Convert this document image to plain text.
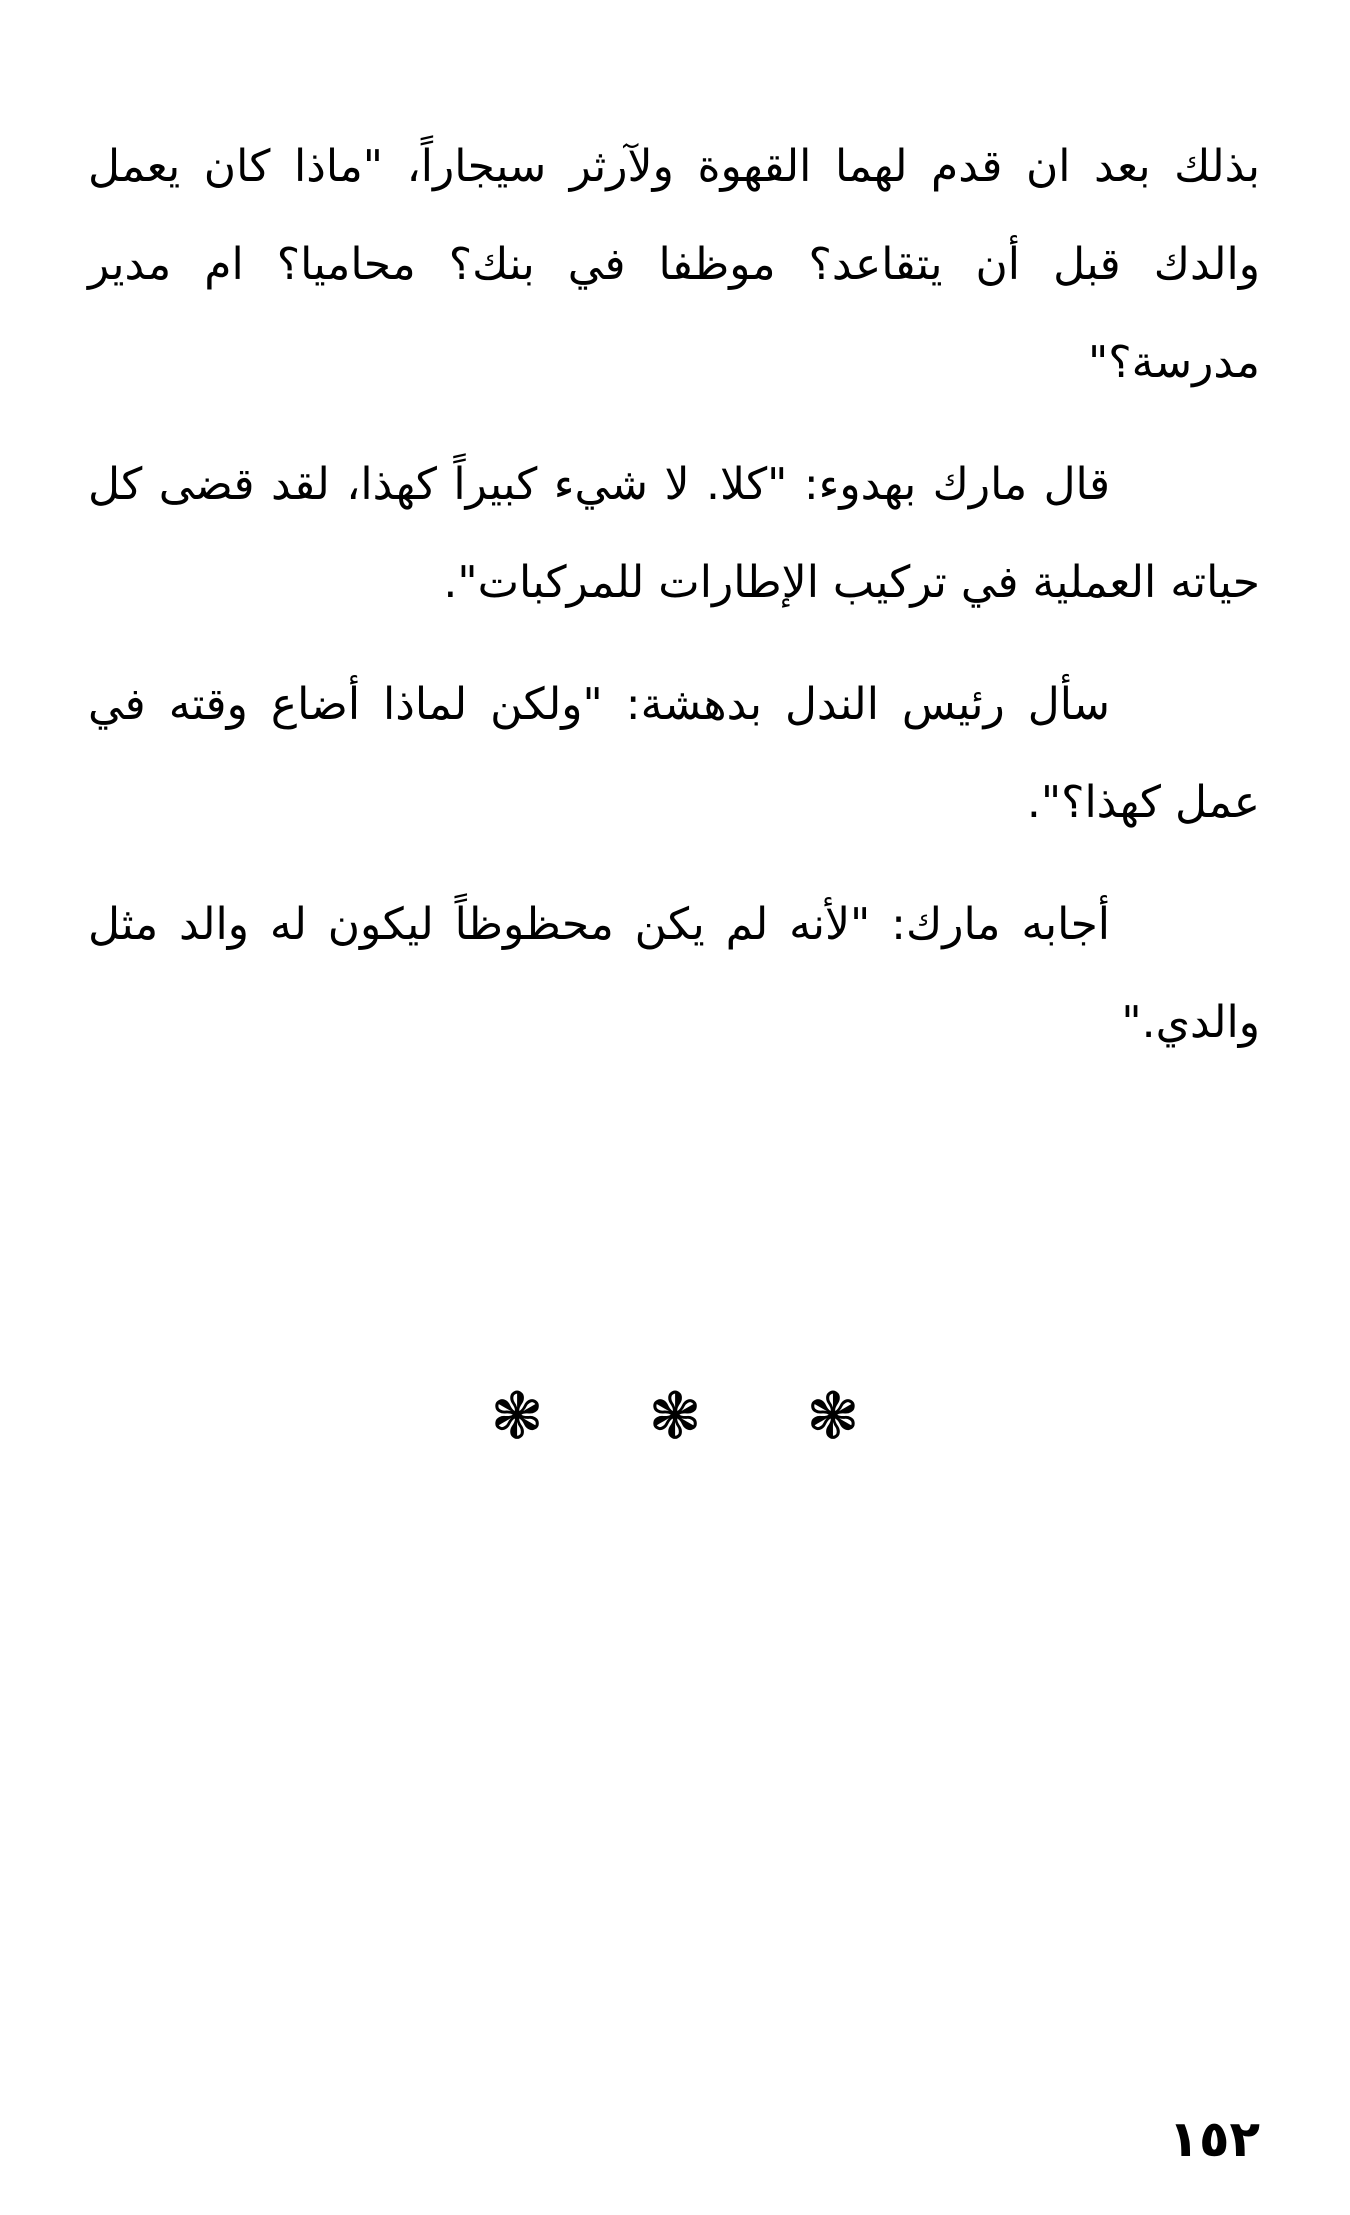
بذلك بعد ان قدم لهما القهوة ولآرثر سيجاراً، "ماذا كان يعمل والدك قبل أن يتقاعد؟ موظفا في بنك؟ محاميا؟ ام مدير مدرسة؟"

قال مارك بهدوء: "كلا. لا شيء كبيراً كهذا، لقد قضى كل حياته العملية في تركيب الإطارات للمركبات".

سأل رئيس الندل بدهشة: "ولكن لماذا أضاع وقته في عمل كهذا؟".

أجابه مارك: "لأنه لم يكن محظوظاً ليكون له والد مثل والدي."

❃ ❃ ❃
١٥٢
